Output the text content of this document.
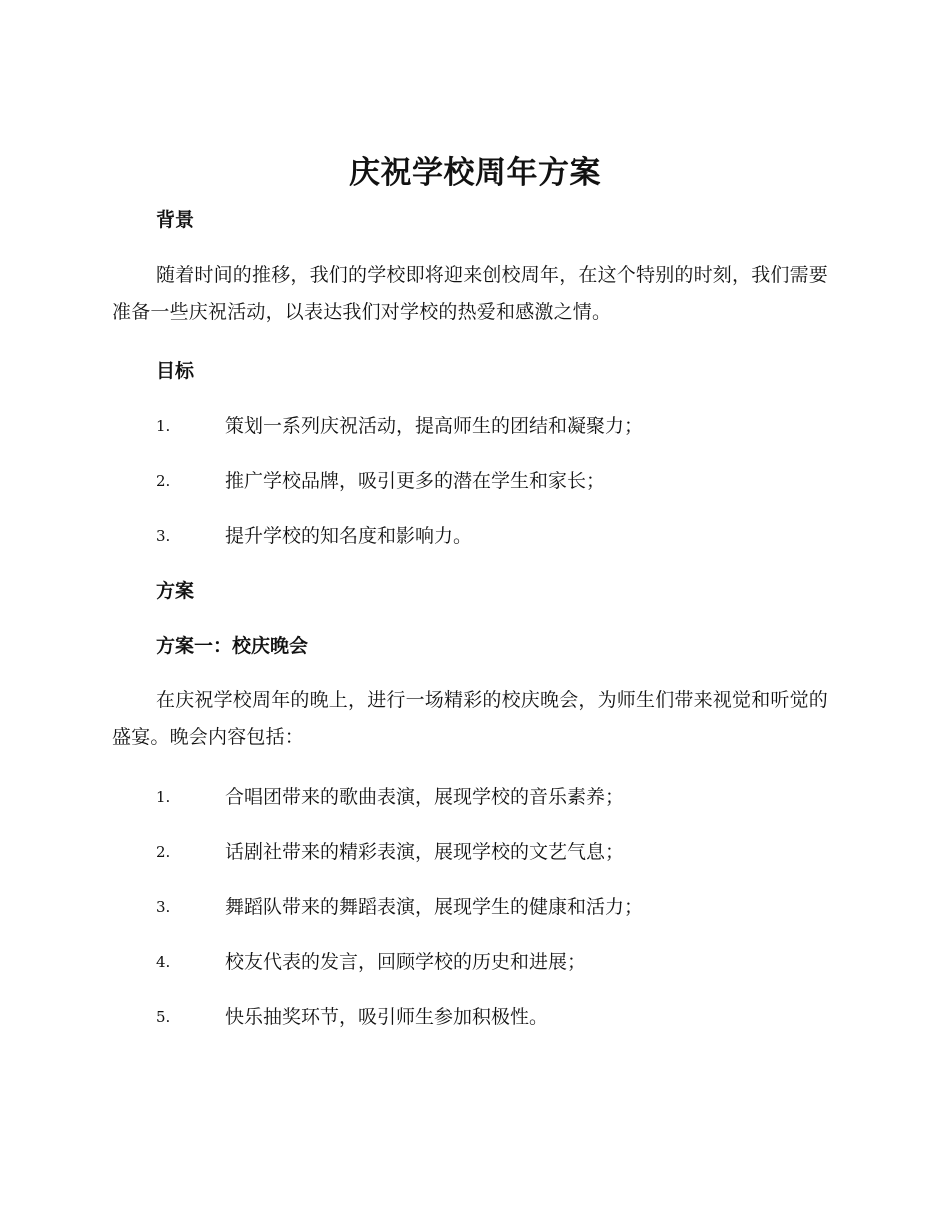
庆祝学校周年方案
背景
随着时间的推移，我们的学校即将迎来创校周年，在这个特别的时刻，我们需要准备一些庆祝活动，以表达我们对学校的热爱和感激之情。
目标
1.	策划一系列庆祝活动，提高师生的团结和凝聚力；
2.	推广学校品牌，吸引更多的潜在学生和家长；
3.	提升学校的知名度和影响力。
方案
方案一：校庆晚会
在庆祝学校周年的晚上，进行一场精彩的校庆晚会，为师生们带来视觉和听觉的盛宴。晚会内容包括：
1.	合唱团带来的歌曲表演，展现学校的音乐素养；
2.	话剧社带来的精彩表演，展现学校的文艺气息；
3.	舞蹈队带来的舞蹈表演，展现学生的健康和活力；
4.	校友代表的发言，回顾学校的历史和进展；
5.	快乐抽奖环节，吸引师生参加积极性。
